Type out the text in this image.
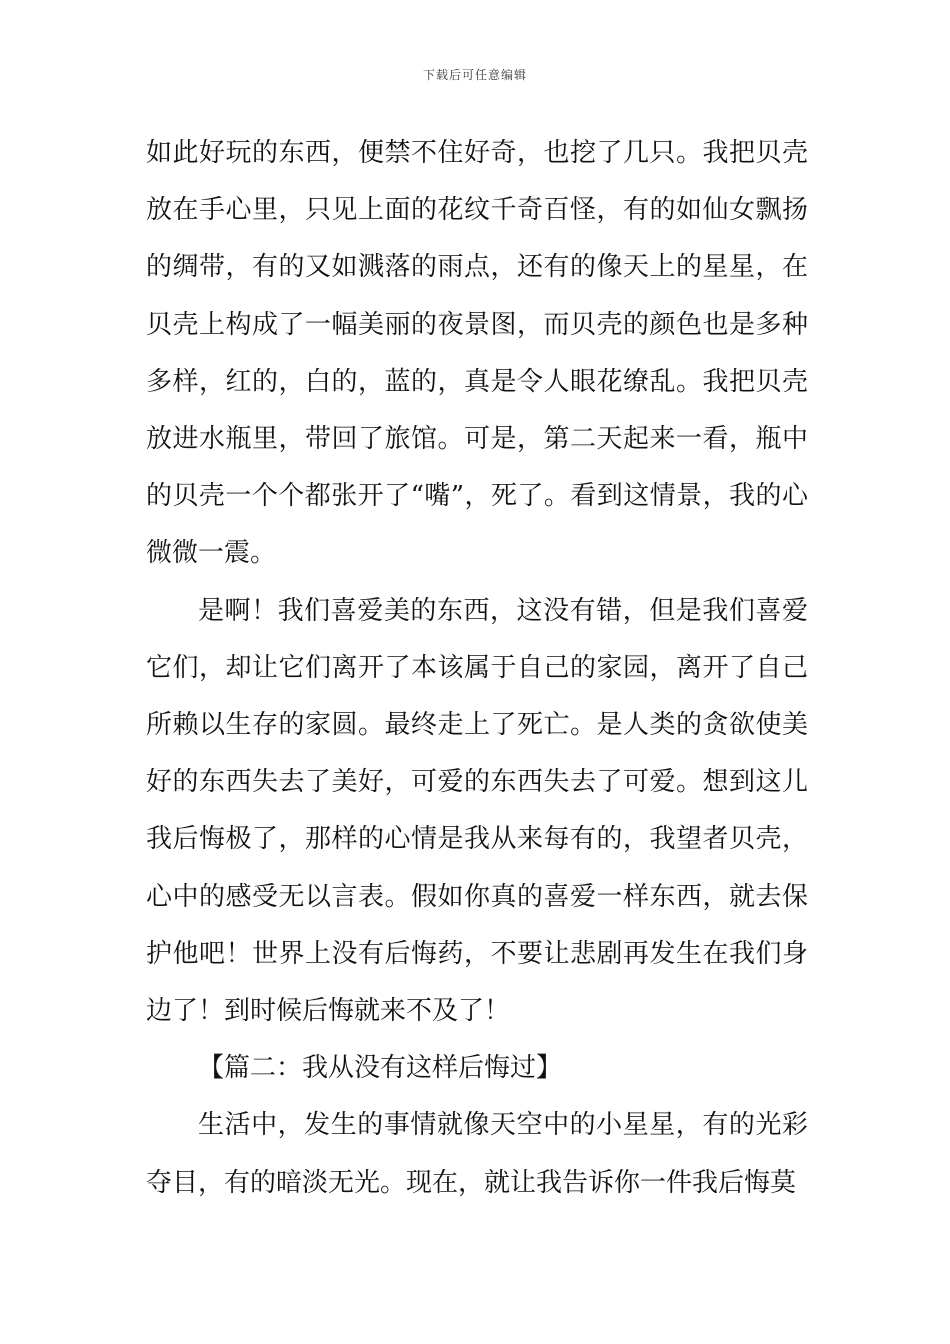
下载后可任意编辑

如此好玩的东西，便禁不住好奇，也挖了几只。我把贝壳放在手心里，只见上面的花纹千奇百怪，有的如仙女飘扬的绸带，有的又如溅落的雨点，还有的像天上的星星，在贝壳上构成了一幅美丽的夜景图，而贝壳的颜色也是多种多样，红的，白的，蓝的，真是令人眼花缭乱。我把贝壳放进水瓶里，带回了旅馆。可是，第二天起来一看，瓶中的贝壳一个个都张开了“嘴”，死了。看到这情景，我的心微微一震。

是啊！我们喜爱美的东西，这没有错，但是我们喜爱它们，却让它们离开了本该属于自己的家园，离开了自己所赖以生存的家圆。最终走上了死亡。是人类的贪欲使美好的东西失去了美好，可爱的东西失去了可爱。想到这儿我后悔极了，那样的心情是我从来每有的，我望者贝壳，心中的感受无以言表。假如你真的喜爱一样东西，就去保护他吧！世界上没有后悔药，不要让悲剧再发生在我们身边了！到时候后悔就来不及了！

【篇二：我从没有这样后悔过】

生活中，发生的事情就像天空中的小星星，有的光彩夺目，有的暗淡无光。现在，就让我告诉你一件我后悔莫
